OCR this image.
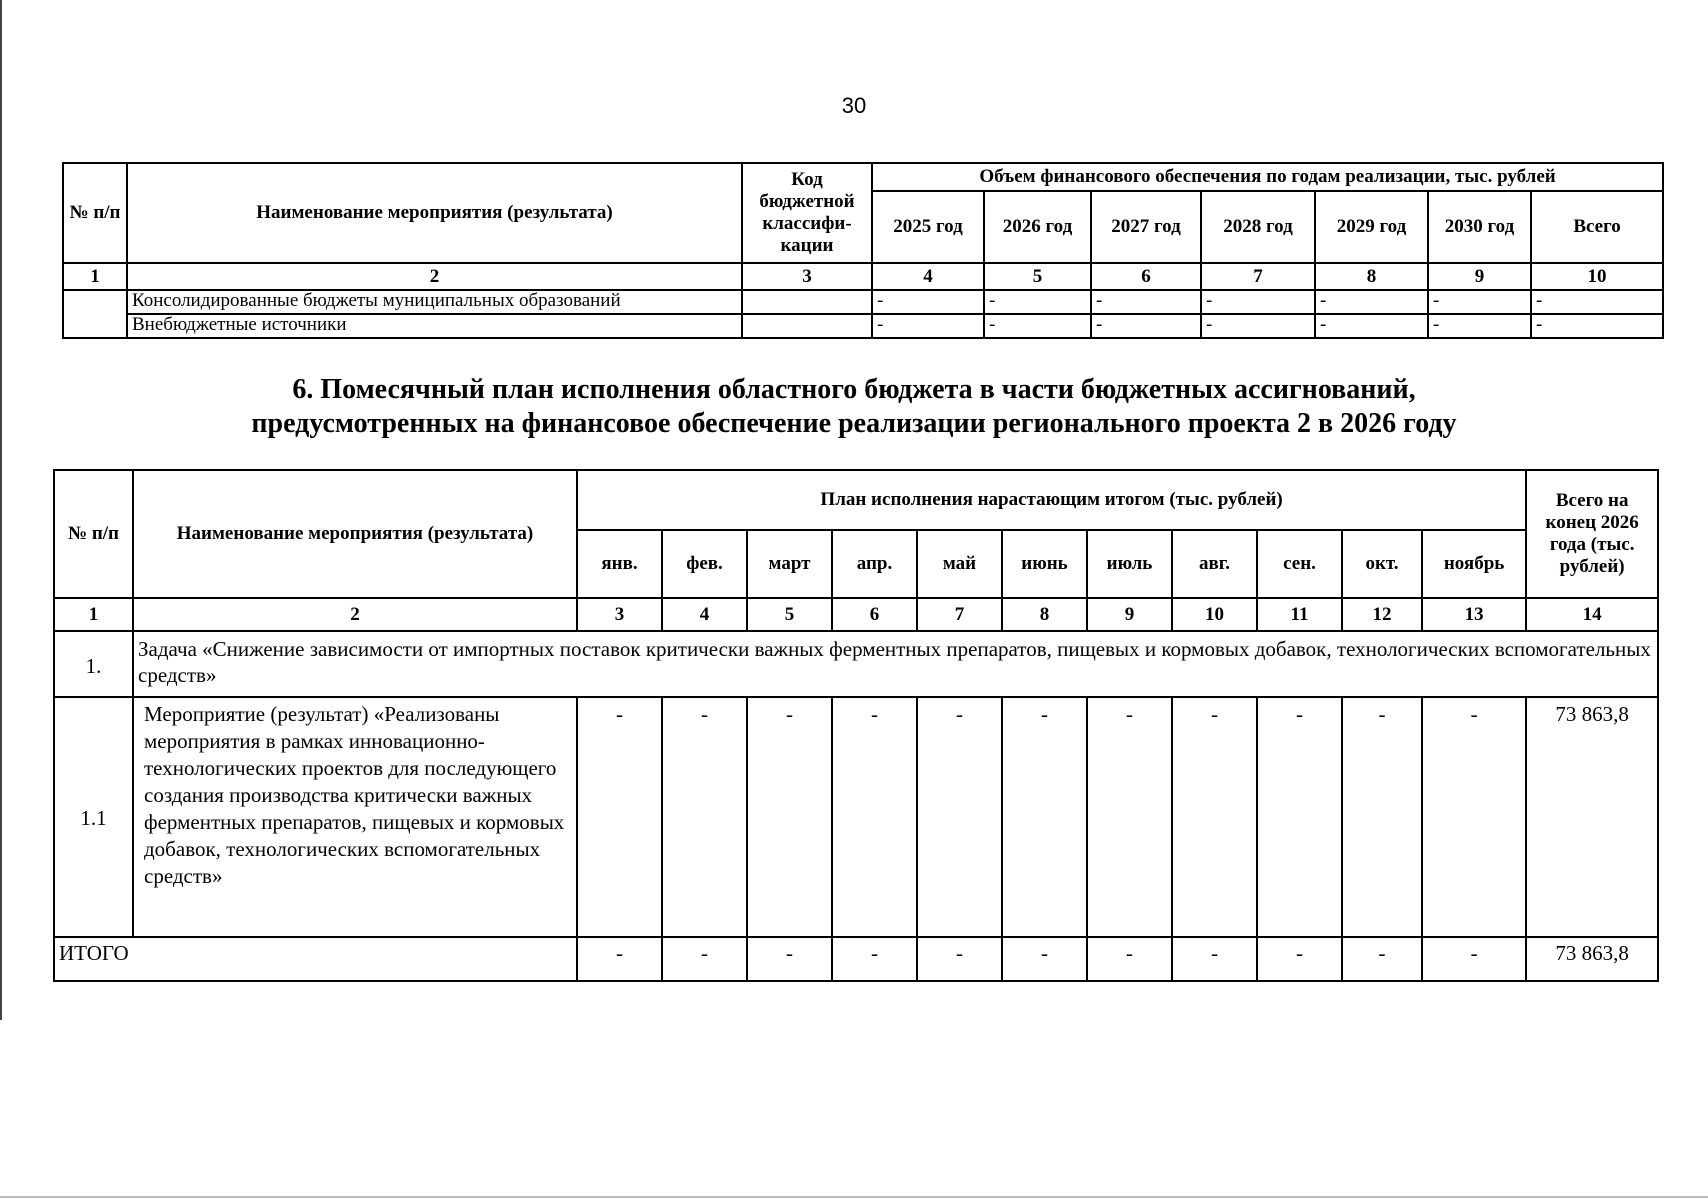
30
№ п/п	Наименование мероприятия (результата)	Код бюджетной классифи-кации	Объем финансового обеспечения по годам реализации, тыс. рублей						
			2025 год	2026 год	2027 год	2028 год	2029 год	2030 год	Всего
1	2	3	4	5	6	7	8	9	10
	Консолидированные бюджеты муниципальных образований		-	-	-	-	-	-	-
	Внебюджетные источники		-	-	-	-	-	-	-
6. Помесячный план исполнения областного бюджета в части бюджетных ассигнований,
предусмотренных на финансовое обеспечение реализации регионального проекта 2 в 2026 году
№ п/п	Наименование мероприятия (результата)	План исполнения нарастающим итогом (тыс. рублей)											Всего на конец 2026 года (тыс. рублей)
		янв.	фев.	март	апр.	май	июнь	июль	авг.	сен.	окт.	ноябрь	
1	2	3	4	5	6	7	8	9	10	11	12	13	14
1.	Задача «Снижение зависимости от импортных поставок критически важных ферментных препаратов, пищевых и кормовых добавок, технологических вспомогательных средств»												
1.1	Мероприятие (результат) «Реализованы мероприятия в рамках инновационно-технологических проектов для последующего создания производства критически важных ферментных препаратов, пищевых и кормовых добавок, технологических вспомогательных средств»	-	-	-	-	-	-	-	-	-	-	-	73 863,8
ИТОГО		-	-	-	-	-	-	-	-	-	-	-	73 863,8
